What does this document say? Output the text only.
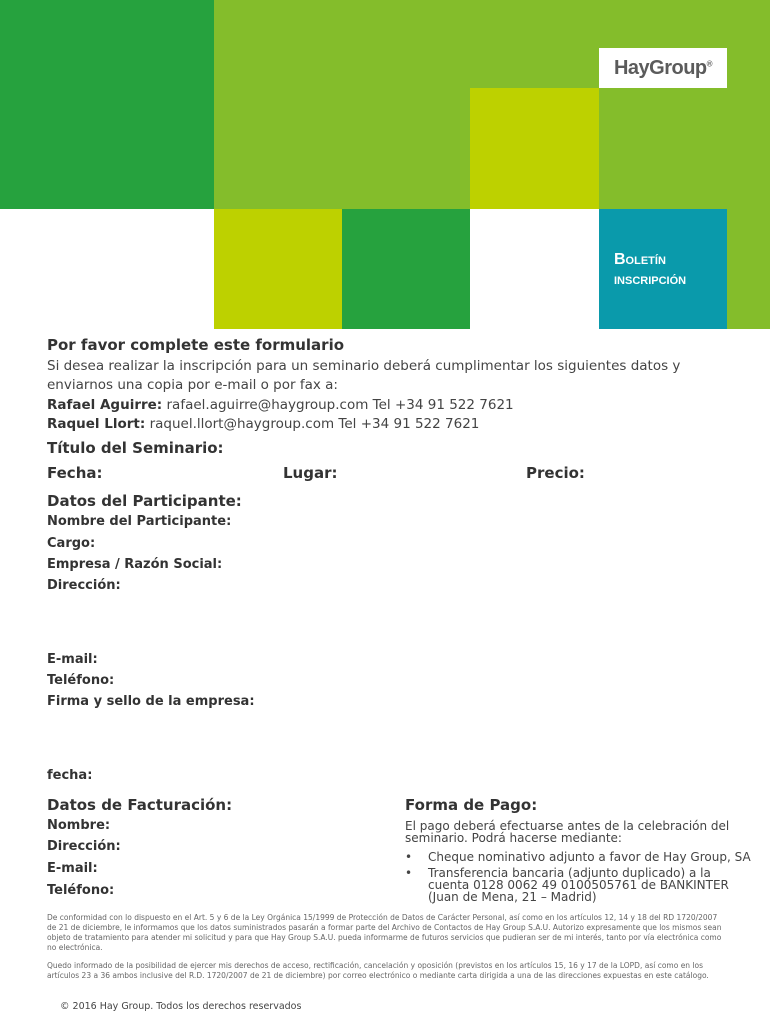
HayGroup®
Boletín
inscripción
Por favor complete este formulario
Si desea realizar la inscripción para un seminario deberá cumplimentar los siguientes datos y
enviarnos una copia por e-mail o por fax a:
Rafael Aguirre: rafael.aguirre@haygroup.com Tel +34 91 522 7621
Raquel Llort: raquel.llort@haygroup.com Tel +34 91 522 7621
Título del Seminario:
Fecha:	Lugar:	Precio:
Datos del Participante:
Nombre del Participante:
Cargo:
Empresa / Razón Social:
Dirección:
E-mail:
Teléfono:
Firma y sello de la empresa:
fecha:
Datos de Facturación:
Nombre:
Dirección:
E-mail:
Teléfono:
Forma de Pago:
El pago deberá efectuarse antes de la celebración del
seminario. Podrá hacerse mediante:
• Cheque nominativo adjunto a favor de Hay Group, SA
• Transferencia bancaria (adjunto duplicado) a la
cuenta 0128 0062 49 0100505761 de BANKINTER
(Juan de Mena, 21 – Madrid)
De conformidad con lo dispuesto en el Art. 5 y 6 de la Ley Orgánica 15/1999 de Protección de Datos de Carácter Personal, así como en los artículos 12, 14 y 18 del RD 1720/2007 de 21 de diciembre, le informamos que los datos suministrados pasarán a formar parte del Archivo de Contactos de Hay Group S.A.U. Autorizo expresamente que los mismos sean objeto de tratamiento para atender mi solicitud y para que Hay Group S.A.U. pueda informarme de futuros servicios que pudieran ser de mi interés, tanto por vía electrónica como no electrónica.
Quedo informado de la posibilidad de ejercer mis derechos de acceso, rectificación, cancelación y oposición (previstos en los artículos 15, 16 y 17 de la LOPD, así como en los artículos 23 a 36 ambos inclusive del R.D. 1720/2007 de 21 de diciembre) por correo electrónico o mediante carta dirigida a una de las direcciones expuestas en este catálogo.
© 2016 Hay Group. Todos los derechos reservados
